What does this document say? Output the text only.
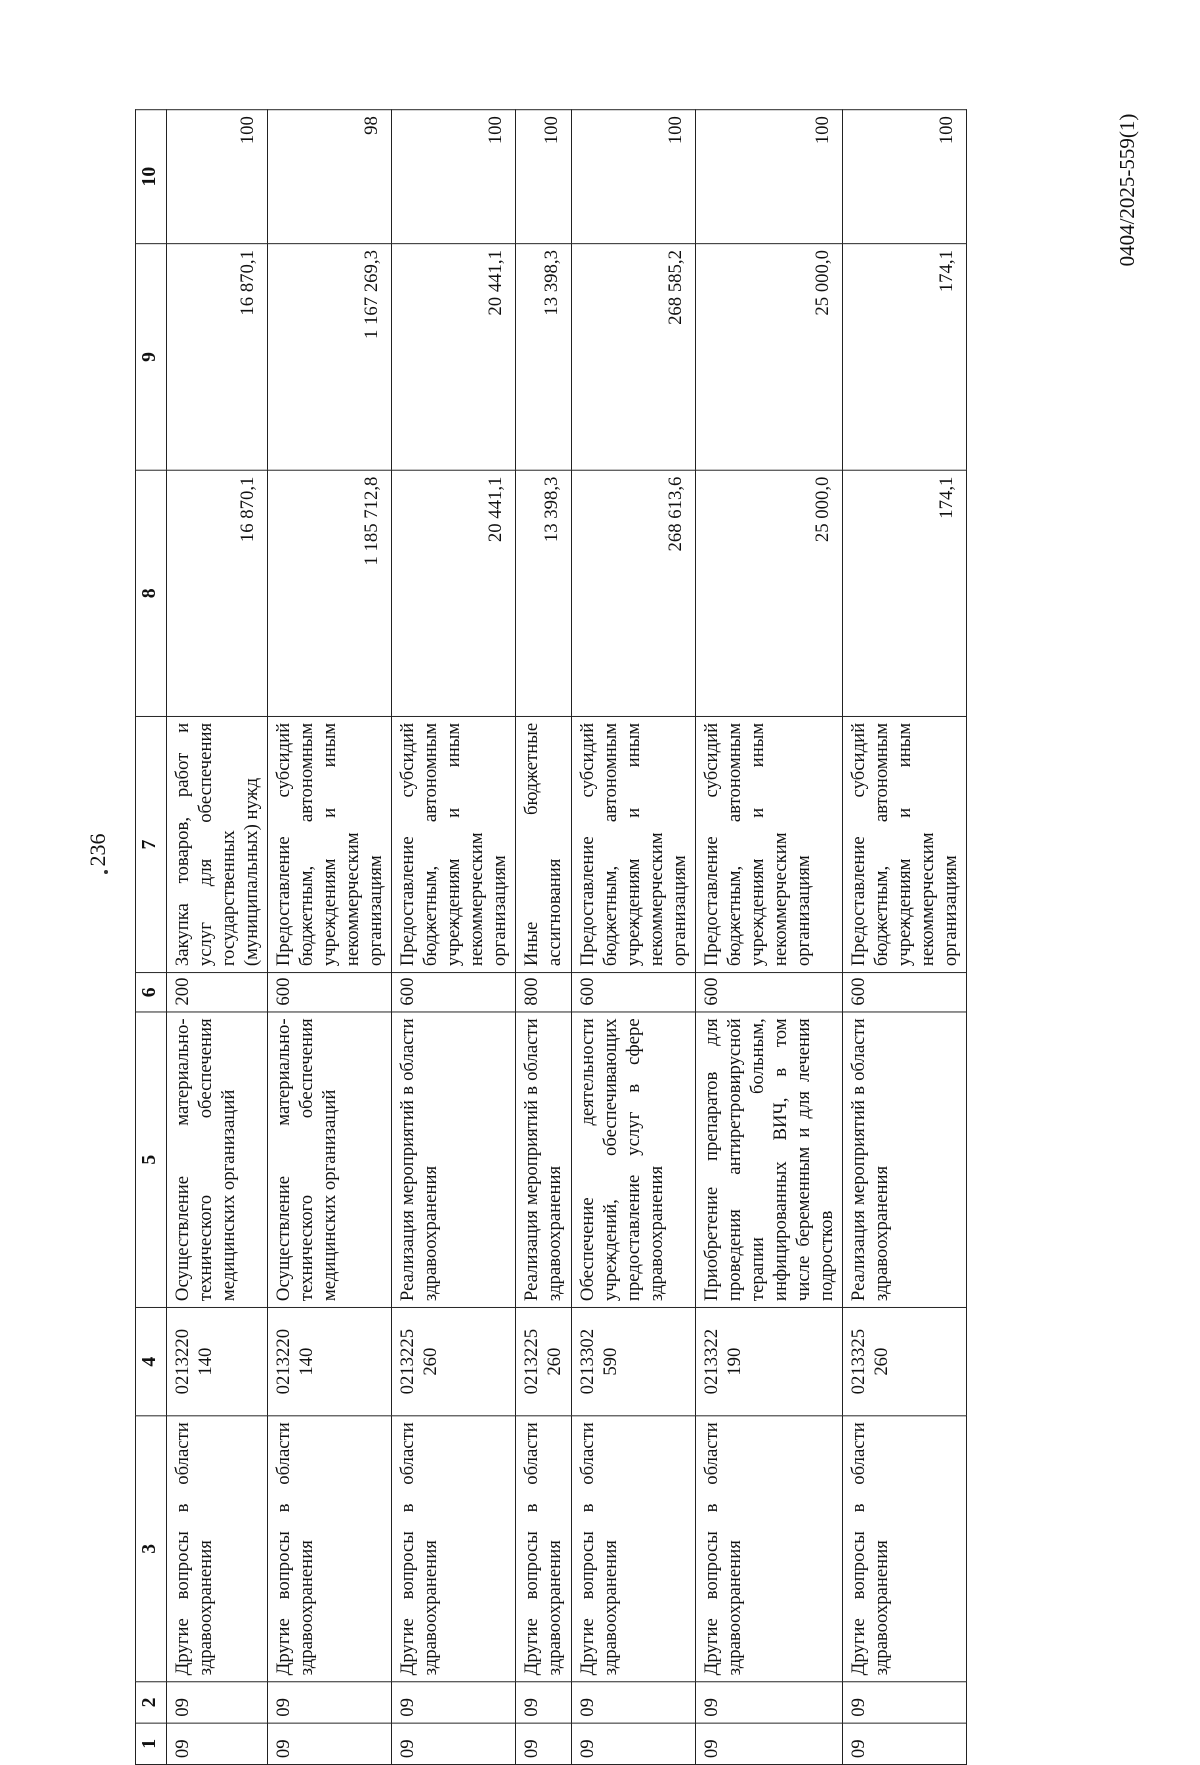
236
0404/2025-559(1)
1	2	3	4	5	6	7	8	9	10
09	09	Другие вопросы в области здравоохранения	0213220 140	Осуществление материально-технического обеспечения медицинских организаций	200	Закупка товаров, работ и услуг для обеспечения государственных (муниципальных) нужд	16 870,1	16 870,1	100
09	09	Другие вопросы в области здравоохранения	0213220 140	Осуществление материально-технического обеспечения медицинских организаций	600	Предоставление субсидий бюджетным, автономным учреждениям и иным некоммерческим организациям	1 185 712,8	1 167 269,3	98
09	09	Другие вопросы в области здравоохранения	0213225 260	Реализация мероприятий в области здравоохранения	600	Предоставление субсидий бюджетным, автономным учреждениям и иным некоммерческим организациям	20 441,1	20 441,1	100
09	09	Другие вопросы в области здравоохранения	0213225 260	Реализация мероприятий в области здравоохранения	800	Иные бюджетные ассигнования	13 398,3	13 398,3	100
09	09	Другие вопросы в области здравоохранения	0213302 590	Обеспечение деятельности учреждений, обеспечивающих предоставление услуг в сфере здравоохранения	600	Предоставление субсидий бюджетным, автономным учреждениям и иным некоммерческим организациям	268 613,6	268 585,2	100
09	09	Другие вопросы в области здравоохранения	0213322 190	Приобретение препаратов для проведения антиретровирусной терапии больным, инфицированных ВИЧ, в том числе беременным и для лечения подростков	600	Предоставление субсидий бюджетным, автономным учреждениям и иным некоммерческим организациям	25 000,0	25 000,0	100
09	09	Другие вопросы в области здравоохранения	0213325 260	Реализация мероприятий в области здравоохранения	600	Предоставление субсидий бюджетным, автономным учреждениям и иным некоммерческим организациям	174,1	174,1	100
